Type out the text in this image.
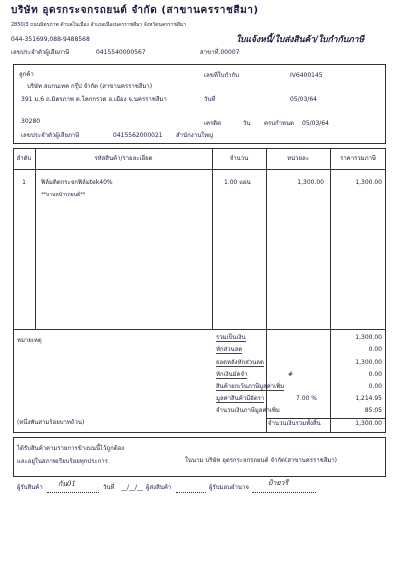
บริษัท อุดรกระจกรถยนต์ จำกัด (สาขานครราชสีมา)
2850/3 ถนนมิตรภาพ ตำบลในเมือง อำเภอเมืองนครราชสีมา จังหวัดนครราชสีมา
044-351699,088-9488568
เลขประจำตัวผู้เสียภาษี	0415540000567	สาขาที่.00007
ใบแจ้งหนี้/ใบส่งสินค้า/ใบกำกับภาษี
ลูกค้า
บริษัท สแกนเทค กรุ๊ป จำกัด (สาขานครราชสีมา)
391 ม.6 ถ.มิตรภาพ ต.โคกกรวด อ.เมือง จ.นครราชสีมา
30280
เลขประจำตัวผู้เสียภาษี	0415562000021 สำนักงานใหญ่
เลขที่ใบกำกับ	IV6400145
วันที่	05/03/64
เครดิต	วัน ครบกำหนด 05/03/64
ลำดับ	รหัสสินค้า/รายละเอียด	จำนวน	หน่วยละ	ราคารวมภาษี
1	ฟิล์มติดกระจกฟิล์มtek40%
**บานหน้ารถยนต์**
1.00 แผ่น	1,300.00	1,300.00
หมายเหตุ
(หนึ่งพันสามร้อยบาทถ้วน)
รวมเป็นเงิน	1,300.00
หักส่วนลด	0.00
ยอดหลังหักส่วนลด	1,300.00
หักเงินมัดจำ	#	0.00
สินค้ายกเว้นภาษีมูลค่าเพิ่ม	0.00
มูลค่าสินค้ามีอัตรา	7.00 %	1,214.95
จำนวนเงินภาษีมูลค่าเพิ่ม	85.05
จำนวนเงินรวมทั้งสิ้น	1,300.00
ได้รับสินค้าตามรายการข้างบนนี้ไว้ถูกต้อง
และอยู่ในสภาพเรียบร้อยทุกประการ	ในนาม บริษัท อุดรกระจกรถยนต์ จำกัด(สาขานครราชสีมา)
ผู้รับสินค้า กัน01	วันที่ __/__/__ ผู้ส่งสินค้า	ผู้รับมอบอำนาจ
ป้ายวรี
